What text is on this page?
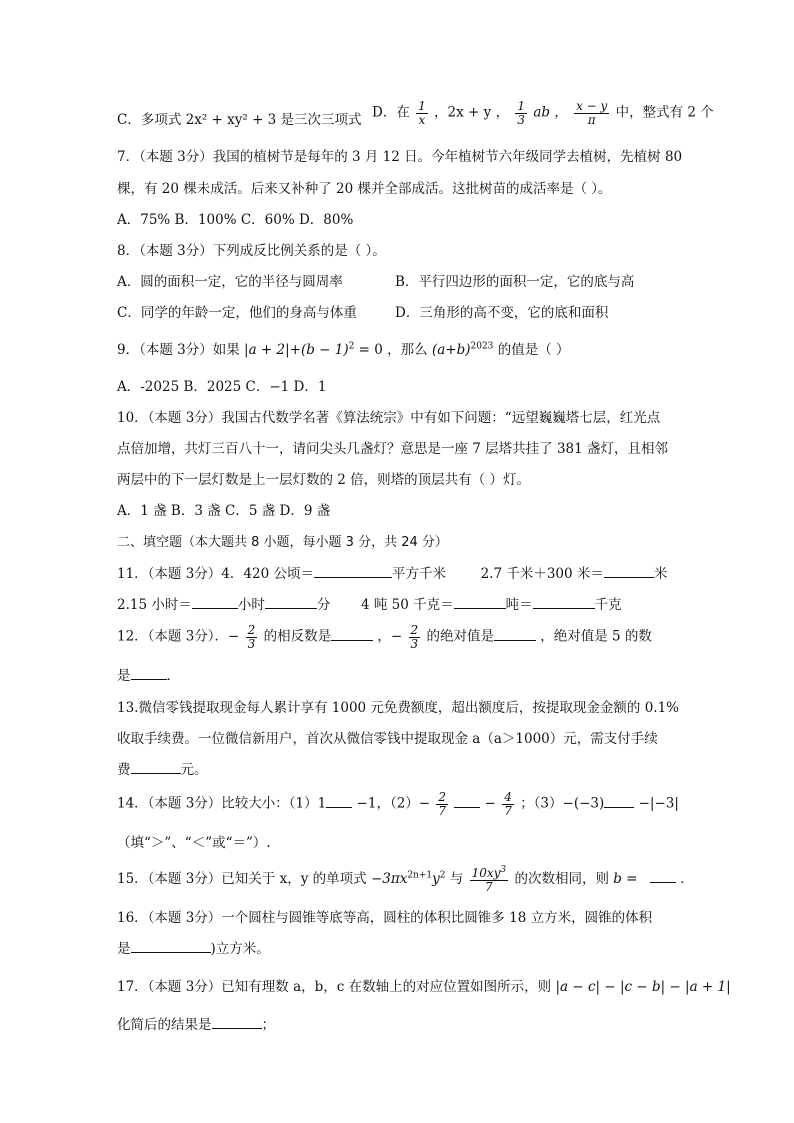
C．多项式 2x² + xy² + 3 是三次三项式 D．在 $\frac{1}{x}$ ，2x + y ， $\frac{1}{3}$ ab ， $\frac{x - y}{\pi}$ 中，整式有 2 个
7．（本题 3分）我国的植树节是每年的 3 月 12 日。今年植树节六年级同学去植树，先植树 80
棵，有 20 棵未成活。后来又补种了 20 棵并全部成活。这批树苗的成活率是（ ）。
A．75% B．100% C．60% D．80%
8．（本题 3分）下列成反比例关系的是（ ）。
A．圆的面积一定，它的半径与圆周率	B．平行四边形的面积一定，它的底与高
C．同学的年龄一定，他们的身高与体重	D．三角形的高不变，它的底和面积
9．（本题 3分）如果 $|a + 2|+(b - 1)^2 = 0$ ，那么 $(a+b)^{2023}$ 的值是（ ）
A．-2025 B．2025 C．−1 D．1
10．（本题 3分）我国古代数学名著《算法统宗》中有如下问题：“远望巍巍塔七层，红光点
点倍加增，共灯三百八十一，请问尖头几盏灯？意思是一座 7 层塔共挂了 381 盏灯，且相邻
两层中的下一层灯数是上一层灯数的 2 倍，则塔的顶层共有（ ）灯。
A．1 盏 B．3 盏 C．5 盏 D．9 盏
二、填空题（本大题共 8 小题，每小题 3 分，共 24 分）
11．（本题 3分）4．420 公顷＝	平方千米	2.7 千米＋300 米＝	米
2.15 小时＝	小时	分 4 吨 50 千克＝	吨＝	千克
12．（本题 3分）．− $\frac{2}{3}$ 的相反数是	，− $\frac{2}{3}$ 的绝对值是	，绝对值是 5 的数
是	．
13.微信零钱提取现金每人累计享有 1000 元免费额度，超出额度后，按提取现金金额的 0.1%
收取手续费。一位微信新用户，首次从微信零钱中提取现金 a（a＞1000）元，需支付手续
费	元。
14．（本题 3分）比较大小：（1）1 −1，$(2)- \frac{2}{7}$	− $\frac{4}{7}$ ；（3）−(−3)	−|−3|
（填“＞”、“＜”或“＝”）.
15．（本题 3分）已知关于 x，y 的单项式 $-3\pi x^{2n+1}y^2$ 与 $\frac{10xy^3}{7}$ 的次数相同，则 b =	．
16．（本题 3分）一个圆柱与圆锥等底等高，圆柱的体积比圆锥多 18 立方米，圆锥的体积
是	)立方米。
17．（本题 3分）已知有理数 a，b，c 在数轴上的对应位置如图所示，则 |a − c| − |c − b| − |a + 1|
化简后的结果是	；
